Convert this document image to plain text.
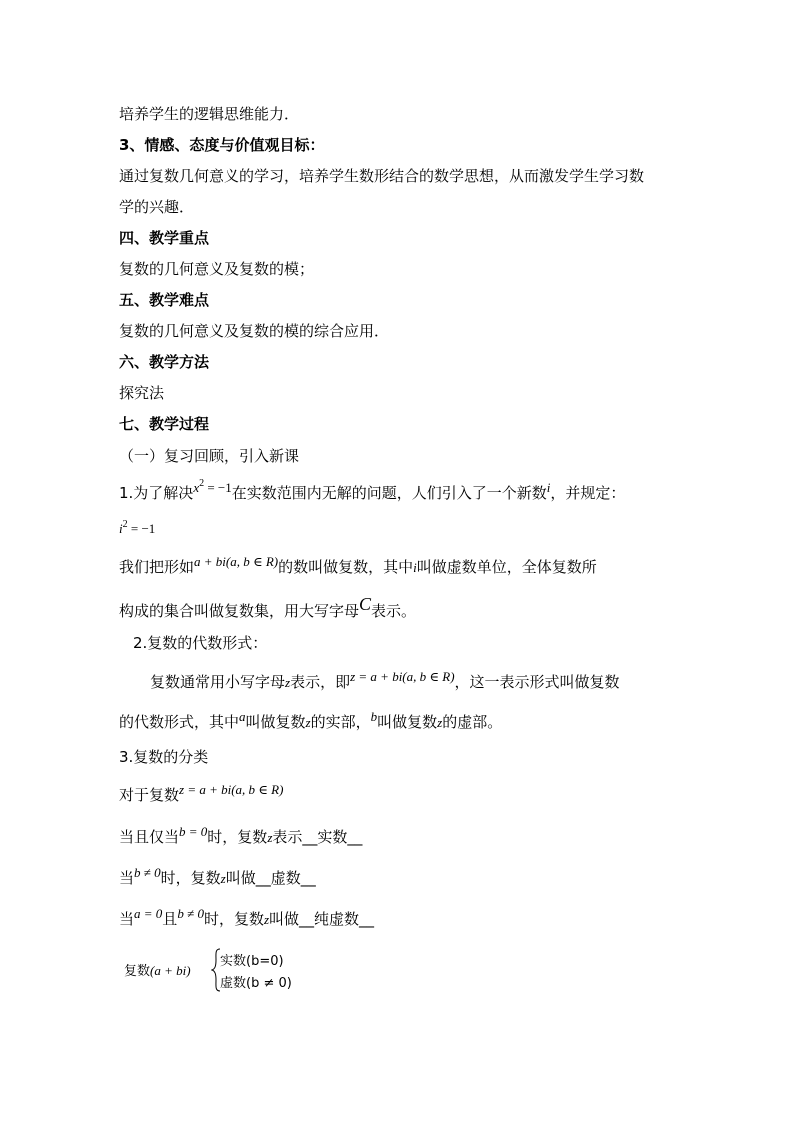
培养学生的逻辑思维能力．
3、情感、态度与价值观目标：
通过复数几何意义的学习，培养学生数形结合的数学思想，从而激发学生学习数
学的兴趣．
四、教学重点
复数的几何意义及复数的模；
五、教学难点
复数的几何意义及复数的模的综合应用．
六、教学方法
探究法
七、教学过程
（一）复习回顾，引入新课
1.为了解决$x^2 = -1$在实数范围内无解的问题，人们引入了一个新数i，并规定：
$i^2 = -1$
我们把形如a + bi(a, b ∈ R)的数叫做复数，其中i叫做虚数单位，全体复数所
构成的集合叫做复数集，用大写字母C表示。
2.复数的代数形式：
复数通常用小写字母z表示，即z = a + bi(a, b ∈ R)，这一表示形式叫做复数
的代数形式，其中a叫做复数z的实部，b叫做复数z的虚部。
3.复数的分类
对于复数z = a + bi(a, b ∈ R)
当且仅当b = 0时，复数z表示__实数__
当b ≠ 0时，复数z叫做__虚数__
当a = 0且b ≠ 0时，复数z叫做__纯虚数__
复数(a + bi)
实数(b=0)
虚数(b ≠ 0)
